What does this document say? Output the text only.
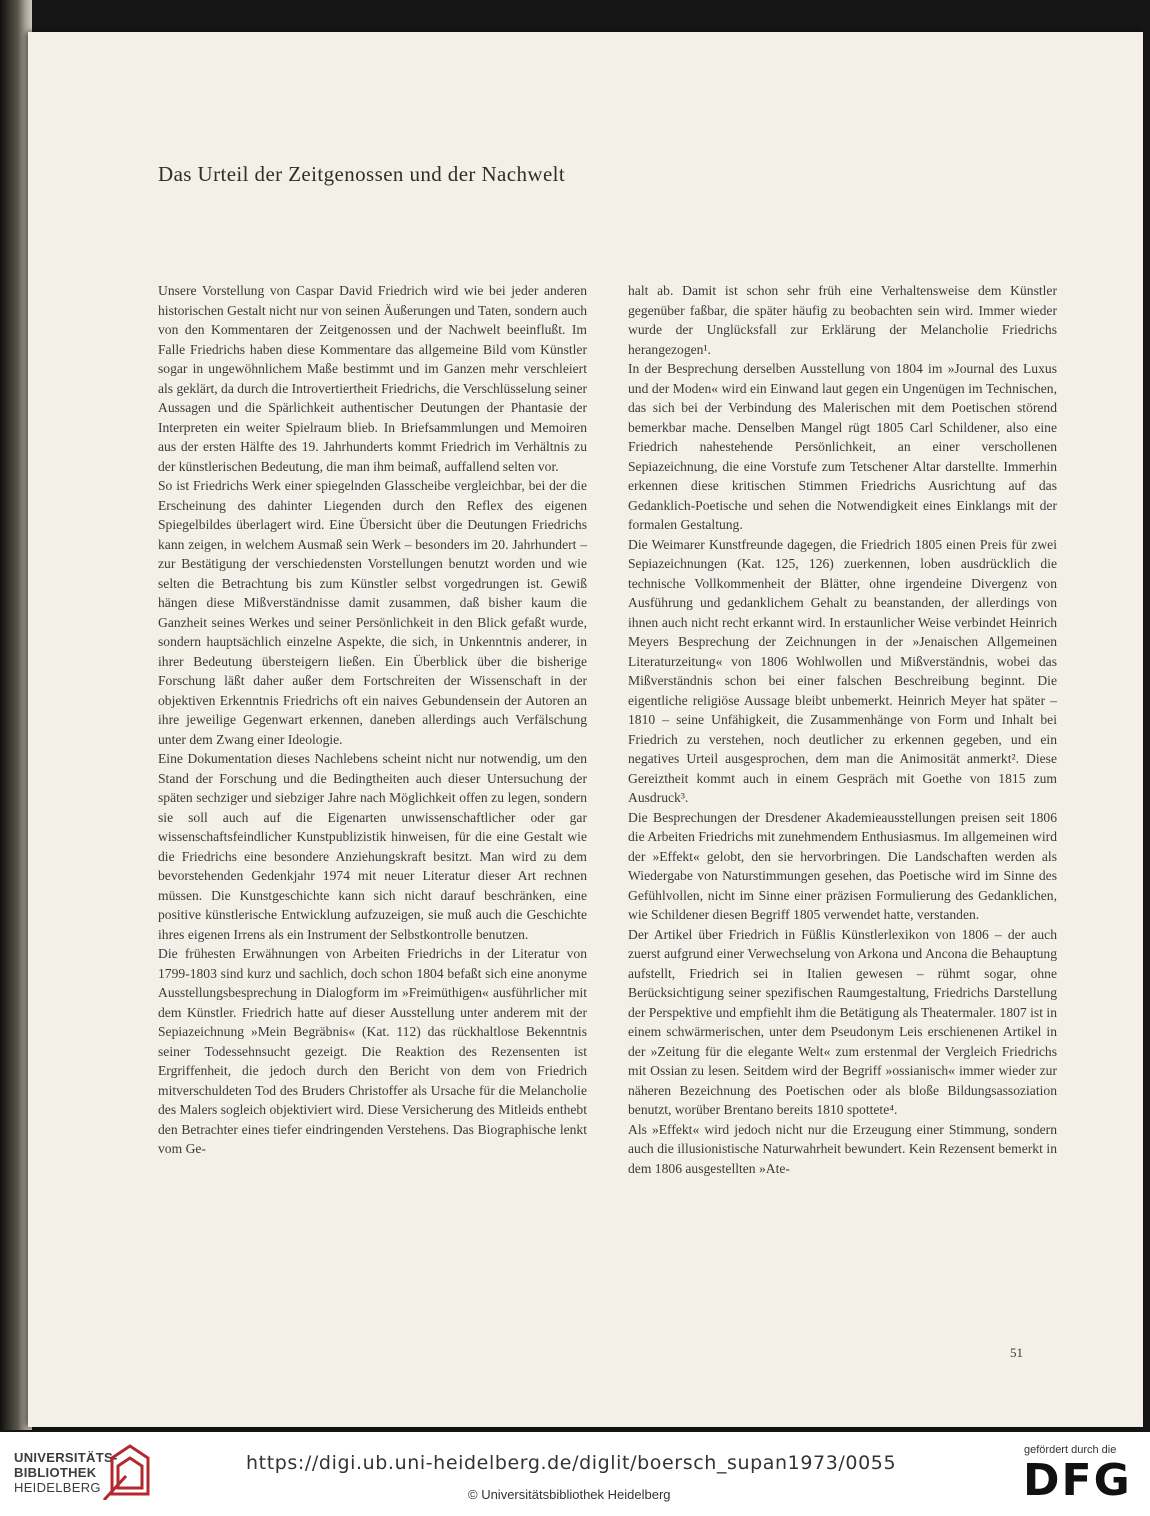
Das Urteil der Zeitgenossen und der Nachwelt

Unsere Vorstellung von Caspar David Friedrich wird wie bei jeder anderen historischen Gestalt nicht nur von seinen Äußerungen und Taten, sondern auch von den Kommentaren der Zeitgenossen und der Nachwelt beeinflußt. Im Falle Friedrichs haben diese Kommentare das allgemeine Bild vom Künstler sogar in ungewöhnlichem Maße bestimmt und im Ganzen mehr verschleiert als geklärt, da durch die Introvertiertheit Friedrichs, die Verschlüsselung seiner Aussagen und die Spärlichkeit authentischer Deutungen der Phantasie der Interpreten ein weiter Spielraum blieb. In Briefsammlungen und Memoiren aus der ersten Hälfte des 19. Jahrhunderts kommt Friedrich im Verhältnis zu der künstlerischen Bedeutung, die man ihm beimaß, auffallend selten vor.

So ist Friedrichs Werk einer spiegelnden Glasscheibe vergleichbar, bei der die Erscheinung des dahinter Liegenden durch den Reflex des eigenen Spiegelbildes überlagert wird. Eine Übersicht über die Deutungen Friedrichs kann zeigen, in welchem Ausmaß sein Werk – besonders im 20. Jahrhundert – zur Bestätigung der verschiedensten Vorstellungen benutzt worden und wie selten die Betrachtung bis zum Künstler selbst vorgedrungen ist. Gewiß hängen diese Mißverständnisse damit zusammen, daß bisher kaum die Ganzheit seines Werkes und seiner Persönlichkeit in den Blick gefaßt wurde, sondern hauptsächlich einzelne Aspekte, die sich, in Unkenntnis anderer, in ihrer Bedeutung übersteigern ließen. Ein Überblick über die bisherige Forschung läßt daher außer dem Fortschreiten der Wissenschaft in der objektiven Erkenntnis Friedrichs oft ein naives Gebundensein der Autoren an ihre jeweilige Gegenwart erkennen, daneben allerdings auch Verfälschung unter dem Zwang einer Ideologie.

Eine Dokumentation dieses Nachlebens scheint nicht nur notwendig, um den Stand der Forschung und die Bedingtheiten auch dieser Untersuchung der späten sechziger und siebziger Jahre nach Möglichkeit offen zu legen, sondern sie soll auch auf die Eigenarten unwissenschaftlicher oder gar wissenschaftsfeindlicher Kunstpublizistik hinweisen, für die eine Gestalt wie die Friedrichs eine besondere Anziehungskraft besitzt. Man wird zu dem bevorstehenden Gedenkjahr 1974 mit neuer Literatur dieser Art rechnen müssen. Die Kunstgeschichte kann sich nicht darauf beschränken, eine positive künstlerische Entwicklung aufzuzeigen, sie muß auch die Geschichte ihres eigenen Irrens als ein Instrument der Selbstkontrolle benutzen.

Die frühesten Erwähnungen von Arbeiten Friedrichs in der Literatur von 1799-1803 sind kurz und sachlich, doch schon 1804 befaßt sich eine anonyme Ausstellungsbesprechung in Dialogform im »Freimüthigen« ausführlicher mit dem Künstler. Friedrich hatte auf dieser Ausstellung unter anderem mit der Sepiazeichnung »Mein Begräbnis« (Kat. 112) das rückhaltlose Bekenntnis seiner Todessehnsucht gezeigt. Die Reaktion des Rezensenten ist Ergriffenheit, die jedoch durch den Bericht von dem von Friedrich mitverschuldeten Tod des Bruders Christoffer als Ursache für die Melancholie des Malers sogleich objektiviert wird. Diese Versicherung des Mitleids enthebt den Betrachter eines tiefer eindringenden Verstehens. Das Biographische lenkt vom Ge-

halt ab. Damit ist schon sehr früh eine Verhaltensweise dem Künstler gegenüber faßbar, die später häufig zu beobachten sein wird. Immer wieder wurde der Unglücksfall zur Erklärung der Melancholie Friedrichs herangezogen¹.

In der Besprechung derselben Ausstellung von 1804 im »Journal des Luxus und der Moden« wird ein Einwand laut gegen ein Ungenügen im Technischen, das sich bei der Verbindung des Malerischen mit dem Poetischen störend bemerkbar mache. Denselben Mangel rügt 1805 Carl Schildener, also eine Friedrich nahestehende Persönlichkeit, an einer verschollenen Sepiazeichnung, die eine Vorstufe zum Tetschener Altar darstellte. Immerhin erkennen diese kritischen Stimmen Friedrichs Ausrichtung auf das Gedanklich-Poetische und sehen die Notwendigkeit eines Einklangs mit der formalen Gestaltung.

Die Weimarer Kunstfreunde dagegen, die Friedrich 1805 einen Preis für zwei Sepiazeichnungen (Kat. 125, 126) zuerkennen, loben ausdrücklich die technische Vollkommenheit der Blätter, ohne irgendeine Divergenz von Ausführung und gedanklichem Gehalt zu beanstanden, der allerdings von ihnen auch nicht recht erkannt wird. In erstaunlicher Weise verbindet Heinrich Meyers Besprechung der Zeichnungen in der »Jenaischen Allgemeinen Literaturzeitung« von 1806 Wohlwollen und Mißverständnis, wobei das Mißverständnis schon bei einer falschen Beschreibung beginnt. Die eigentliche religiöse Aussage bleibt unbemerkt. Heinrich Meyer hat später – 1810 – seine Unfähigkeit, die Zusammenhänge von Form und Inhalt bei Friedrich zu verstehen, noch deutlicher zu erkennen gegeben, und ein negatives Urteil ausgesprochen, dem man die Animosität anmerkt². Diese Gereiztheit kommt auch in einem Gespräch mit Goethe von 1815 zum Ausdruck³.

Die Besprechungen der Dresdener Akademieausstellungen preisen seit 1806 die Arbeiten Friedrichs mit zunehmendem Enthusiasmus. Im allgemeinen wird der »Effekt« gelobt, den sie hervorbringen. Die Landschaften werden als Wiedergabe von Naturstimmungen gesehen, das Poetische wird im Sinne des Gefühlvollen, nicht im Sinne einer präzisen Formulierung des Gedanklichen, wie Schildener diesen Begriff 1805 verwendet hatte, verstanden.

Der Artikel über Friedrich in Füßlis Künstlerlexikon von 1806 – der auch zuerst aufgrund einer Verwechselung von Arkona und Ancona die Behauptung aufstellt, Friedrich sei in Italien gewesen – rühmt sogar, ohne Berücksichtigung seiner spezifischen Raumgestaltung, Friedrichs Darstellung der Perspektive und empfiehlt ihm die Betätigung als Theatermaler. 1807 ist in einem schwärmerischen, unter dem Pseudonym Leis erschienenen Artikel in der »Zeitung für die elegante Welt« zum erstenmal der Vergleich Friedrichs mit Ossian zu lesen. Seitdem wird der Begriff »ossianisch« immer wieder zur näheren Bezeichnung des Poetischen oder als bloße Bildungsassoziation benutzt, worüber Brentano bereits 1810 spottete⁴.

Als »Effekt« wird jedoch nicht nur die Erzeugung einer Stimmung, sondern auch die illusionistische Naturwahrheit bewundert. Kein Rezensent bemerkt in dem 1806 ausgestellten »Ate-

51
UNIVERSITÄTS-
BIBLIOTHEK
HEIDELBERG
https://digi.ub.uni-heidelberg.de/diglit/boersch_supan1973/0055
© Universitätsbibliothek Heidelberg
gefördert durch die
DFG
